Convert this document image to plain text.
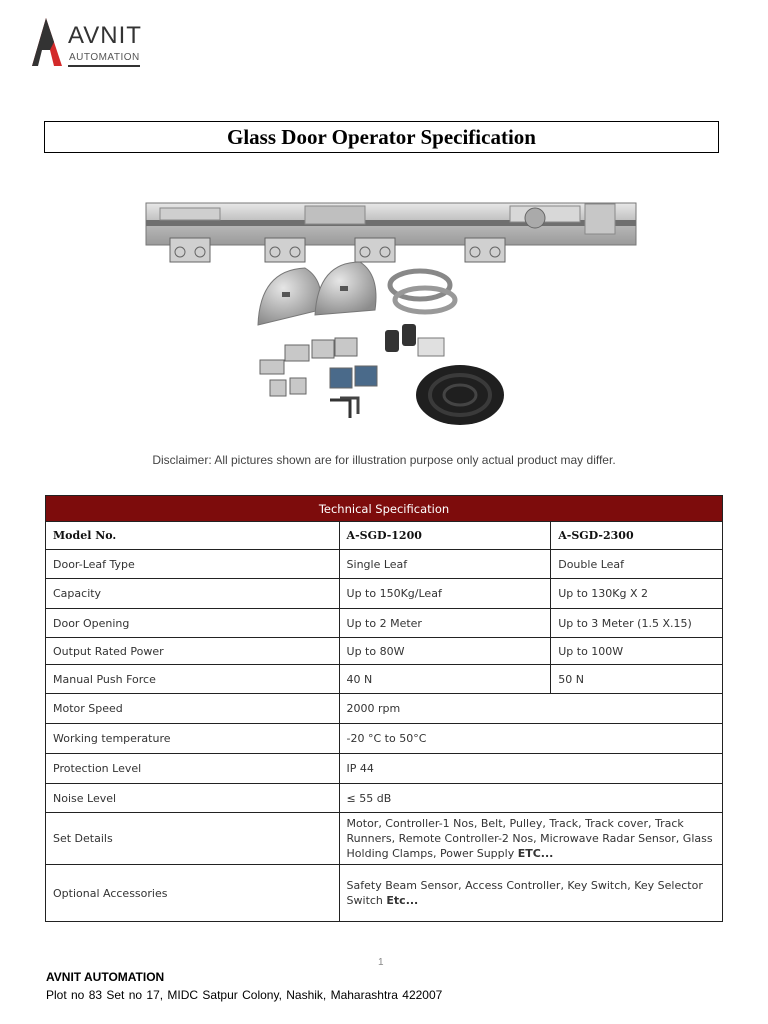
AVNIT
AUTOMATION
Glass Door Operator Specification
Disclaimer: All pictures shown are for illustration purpose only actual product may differ.
Technical Specification		
Model No.	A-SGD-1200	A-SGD-2300
Door-Leaf Type	Single Leaf	Double Leaf
Capacity	Up to 150Kg/Leaf	Up to 130Kg X 2
Door Opening	Up to 2 Meter	Up to 3 Meter (1.5 X.15)
Output Rated Power	Up to 80W	Up to 100W
Manual Push Force	40 N	50 N
Motor Speed	2000 rpm	
Working temperature	-20 °C to 50°C	
Protection Level	IP 44	
Noise Level	≤ 55 dB	
Set Details	Motor, Controller-1 Nos, Belt, Pulley, Track, Track cover, Track Runners, Remote Controller-2 Nos, Microwave Radar Sensor, Glass Holding Clamps, Power Supply ETC...	
Optional Accessories	Safety Beam Sensor, Access Controller, Key Switch, Key Selector Switch Etc...	
1
AVNIT AUTOMATION
Plot no 83 Set no 17, MIDC Satpur Colony, Nashik, Maharashtra 422007
